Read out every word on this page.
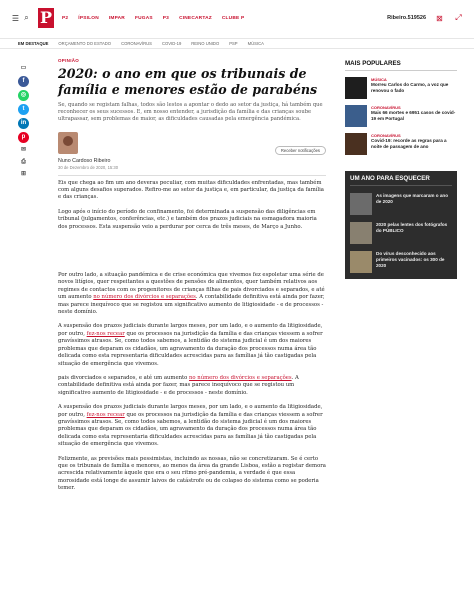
☰ ⌕ P	P2 ÍPSILON IMPAR FUGAS P3 CINECARTAZ CLUBE P	Ribeiro.519526 ⊠ ⤢
EM DESTAQUE ORÇAMENTO DO ESTADO CORONAVÍRUS COVID-19 REINO UNIDO PSP MÚSICA
▭
f
◎
t
in
p
✉
⎙
⊞
OPINIÃO
2020: o ano em que os tribunais de família e menores estão de parabéns

Se, quando se registam falhas, todos são lestos a apontar o dedo ao setor da justiça, há também que reconhecer os seus sucessos. E, em nosso entender, a jurisdição da família e das crianças soube ultrapassar, sem problemas de maior, as dificuldades causadas pela emergência pandémica.

Receber notificações
Nuno Cardoso Ribeiro
30 de Dezembro de 2020, 15:30

Eis que chega ao fim um ano deveras peculiar, com muitas dificuldades enfrentadas, mas também com alguns desafios superados. Refiro-me ao setor da justiça e, em particular, da justiça da família e das crianças.

Logo após o início do período de confinamento, foi determinada a suspensão das diligências em tribunal (julgamentos, conferências, etc.) e também dos prazos judiciais na esmagadora maioria dos processos. Esta suspensão veio a perdurar por cerca de três meses, de Março a Junho.

Por outro lado, a situação pandémica e de crise económica que vivemos fez espoletar uma série de novos litígios, quer respeitantes a questões de pensões de alimentos, quer também relativos aos regimes de contactos com os progenitores de crianças filhas de pais divorciados e separados, e até um aumento no número dos divórcios e separações. A contabilidade definitiva está ainda por fazer, mas parece inequívoco que se registou um significativo aumento de litigiosidade - e de processos - neste domínio.

A suspensão dos prazos judiciais durante largos meses, por um lado, e o aumento da litigiosidade, por outro, fez-nos recear que os processos na jurisdição da família e das crianças viessem a sofrer gravíssimos atrasos. Se, como todos sabemos, a lentidão do sistema judicial é um dos maiores problemas que deparam os cidadãos, um agravamento da duração dos processos numa área tão delicada como esta representaria dificuldades acrescidas para as famílias já tão castigadas pela situação de emergência que vivemos.

pais divorciados e separados, e até um aumento no número dos divórcios e separações. A contabilidade definitiva está ainda por fazer, mas parece inequívoco que se registou um significativo aumento de litigiosidade - e de processos - neste domínio.

A suspensão dos prazos judiciais durante largos meses, por um lado, e o aumento da litigiosidade, por outro, fez-nos recear que os processos na jurisdição da família e das crianças viessem a sofrer gravíssimos atrasos. Se, como todos sabemos, a lentidão do sistema judicial é um dos maiores problemas que deparam os cidadãos, um agravamento da duração dos processos numa área tão delicada como esta representaria dificuldades acrescidas para as famílias já tão castigadas pela situação de emergência que vivemos.

Felizmente, as previsões mais pessimistas, incluindo as nossas, não se concretizaram. Se é certo que os tribunais de família e menores, ao menos da área da grande Lisboa, estão a registar demora acrescida relativamente àquele que era o seu ritmo pré-pandemia, a verdade é que essa morosidade está longe de assumir laivos de catástrofe ou de colapso do sistema como se poderia temer.

MAIS POPULARES
MÚSICA
Morreu Carlos do Carmo, a voz que renovou o fado
CORONAVÍRUS
Mais 66 mortes e 6951 casos de covid-19 em Portugal
CORONAVÍRUS
Covid-19: recorde as regras para a noite de passagem de ano
UM ANO PARA ESQUECER
As imagens que marcaram o ano de 2020
2020 pelas lentes dos fotógrafos do PÚBLICO
Do vírus desconhecido aos primeiros vacinados: os 300 de 2020
